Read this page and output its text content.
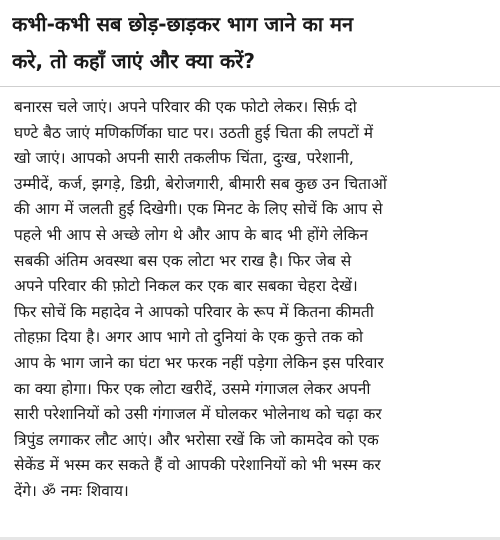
कभी-कभी सब छोड़-छाड़कर भाग जाने का मन
करे, तो कहाँ जाएं और क्या करें?
बनारस चले जाएं। अपने परिवार की एक फोटो लेकर। सिर्फ़ दो
घण्टे बैठ जाएं मणिकर्णिका घाट पर। उठती हुई चिता की लपटों में
खो जाएं। आपको अपनी सारी तकलीफ चिंता, दुःख, परेशानी,
उम्मीदें, कर्ज, झगड़े, डिग्री, बेरोजगारी, बीमारी सब कुछ उन चिताओं
की आग में जलती हुई दिखेगी। एक मिनट के लिए सोचें कि आप से
पहले भी आप से अच्छे लोग थे और आप के बाद भी होंगे लेकिन
सबकी अंतिम अवस्था बस एक लोटा भर राख है। फिर जेब से
अपने परिवार की फ़ोटो निकल कर एक बार सबका चेहरा देखें।
फिर सोचें कि महादेव ने आपको परिवार के रूप में कितना कीमती
तोहफ़ा दिया है। अगर आप भागे तो दुनियां के एक कुत्ते तक को
आप के भाग जाने का घंटा भर फरक नहीं पड़ेगा लेकिन इस परिवार
का क्या होगा। फिर एक लोटा खरीदें, उसमे गंगाजल लेकर अपनी
सारी परेशानियों को उसी गंगाजल में घोलकर भोलेनाथ को चढ़ा कर
त्रिपुंड लगाकर लौट आएं। और भरोसा रखें कि जो कामदेव को एक
सेकेंड में भस्म कर सकते हैं वो आपकी परेशानियों को भी भस्म कर
देंगे। ॐ नमः शिवाय।
